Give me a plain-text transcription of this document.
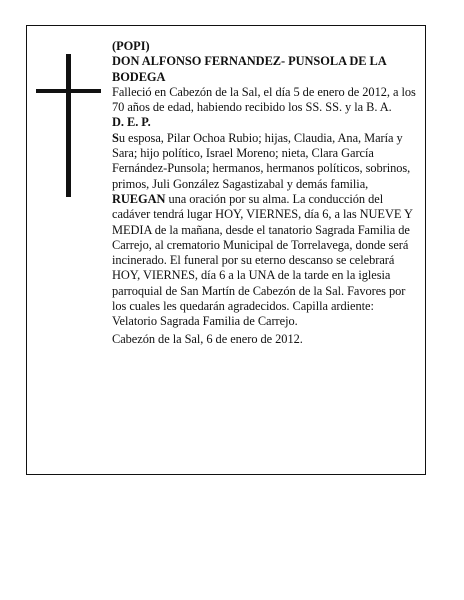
(POPI)

DON ALFONSO FERNANDEZ- PUNSOLA DE LA BODEGA

Falleció en Cabezón de la Sal, el día 5 de enero de 2012, a los 70 años de edad, habiendo recibido los SS. SS. y la B. A.

D. E. P.

Su esposa, Pilar Ochoa Rubio; hijas, Claudia, Ana, María y Sara; hijo político, Israel Moreno; nieta, Clara García Fernández-Punsola; hermanos, hermanos políticos, sobrinos, primos, Juli González Sagastizabal y demás familia,

RUEGAN una oración por su alma. La conducción del cadáver tendrá lugar HOY, VIERNES, día 6, a las NUEVE Y MEDIA de la mañana, desde el tanatorio Sagrada Familia de Carrejo, al crematorio Municipal de Torrelavega, donde será incinerado. El funeral por su eterno descanso se celebrará HOY, VIERNES, día 6 a la UNA de la tarde en la iglesia parroquial de San Martín de Cabezón de la Sal. Favores por los cuales les quedarán agradecidos. Capilla ardiente: Velatorio Sagrada Familia de Carrejo.

Cabezón de la Sal, 6 de enero de 2012.
